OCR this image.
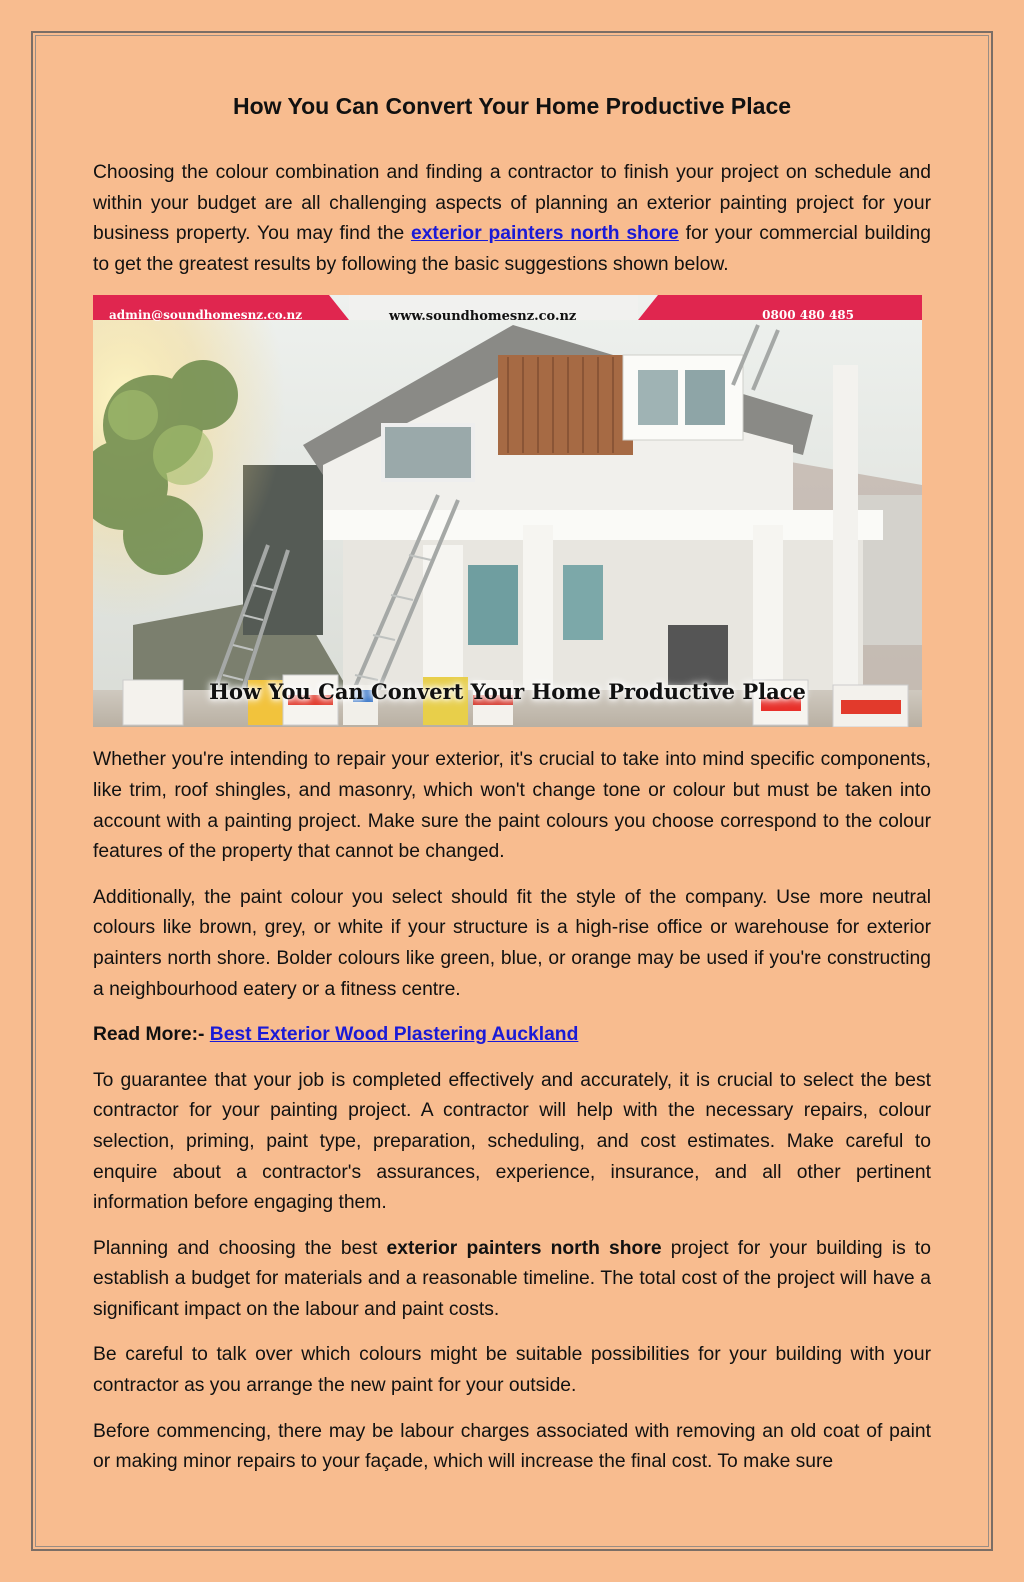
How You Can Convert Your Home Productive Place

Choosing the colour combination and finding a contractor to finish your project on schedule and within your budget are all challenging aspects of planning an exterior painting project for your business property. You may find the exterior painters north shore for your commercial building to get the greatest results by following the basic suggestions shown below.

admin@soundhomesnz.co.nz	www.soundhomesnz.co.nz	0800 480 485
How You Can Convert Your Home Productive Place

Whether you're intending to repair your exterior, it's crucial to take into mind specific components, like trim, roof shingles, and masonry, which won't change tone or colour but must be taken into account with a painting project. Make sure the paint colours you choose correspond to the colour features of the property that cannot be changed.

Additionally, the paint colour you select should fit the style of the company. Use more neutral colours like brown, grey, or white if your structure is a high-rise office or warehouse for exterior painters north shore. Bolder colours like green, blue, or orange may be used if you're constructing a neighbourhood eatery or a fitness centre.

Read More:- Best Exterior Wood Plastering Auckland

To guarantee that your job is completed effectively and accurately, it is crucial to select the best contractor for your painting project. A contractor will help with the necessary repairs, colour selection, priming, paint type, preparation, scheduling, and cost estimates. Make careful to enquire about a contractor's assurances, experience, insurance, and all other pertinent information before engaging them.

Planning and choosing the best exterior painters north shore project for your building is to establish a budget for materials and a reasonable timeline. The total cost of the project will have a significant impact on the labour and paint costs.

Be careful to talk over which colours might be suitable possibilities for your building with your contractor as you arrange the new paint for your outside.

Before commencing, there may be labour charges associated with removing an old coat of paint or making minor repairs to your façade, which will increase the final cost. To make sure
